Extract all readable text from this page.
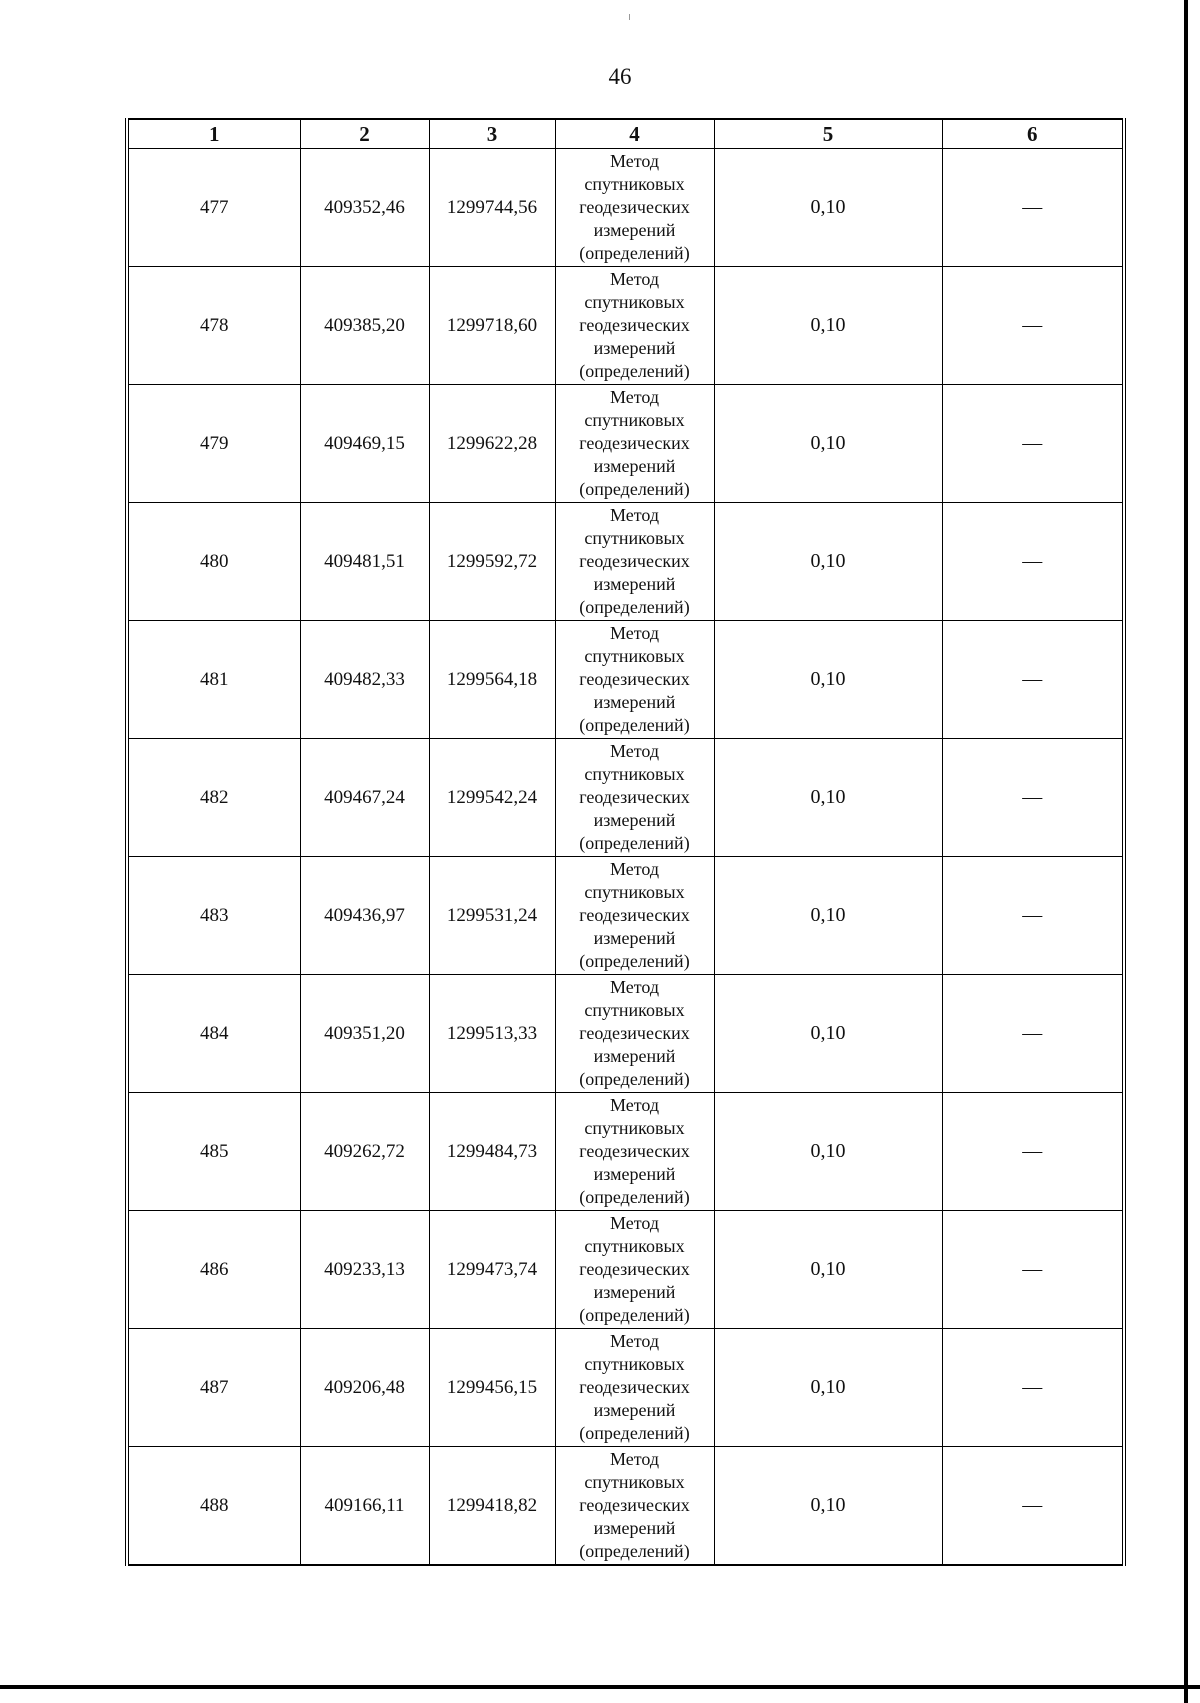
46
1	2	3	4	5	6
477	409352,46	1299744,56	Метод
спутниковых
геодезических
измерений
(определений)	0,10	—
478	409385,20	1299718,60	Метод
спутниковых
геодезических
измерений
(определений)	0,10	—
479	409469,15	1299622,28	Метод
спутниковых
геодезических
измерений
(определений)	0,10	—
480	409481,51	1299592,72	Метод
спутниковых
геодезических
измерений
(определений)	0,10	—
481	409482,33	1299564,18	Метод
спутниковых
геодезических
измерений
(определений)	0,10	—
482	409467,24	1299542,24	Метод
спутниковых
геодезических
измерений
(определений)	0,10	—
483	409436,97	1299531,24	Метод
спутниковых
геодезических
измерений
(определений)	0,10	—
484	409351,20	1299513,33	Метод
спутниковых
геодезических
измерений
(определений)	0,10	—
485	409262,72	1299484,73	Метод
спутниковых
геодезических
измерений
(определений)	0,10	—
486	409233,13	1299473,74	Метод
спутниковых
геодезических
измерений
(определений)	0,10	—
487	409206,48	1299456,15	Метод
спутниковых
геодезических
измерений
(определений)	0,10	—
488	409166,11	1299418,82	Метод
спутниковых
геодезических
измерений
(определений)	0,10	—
